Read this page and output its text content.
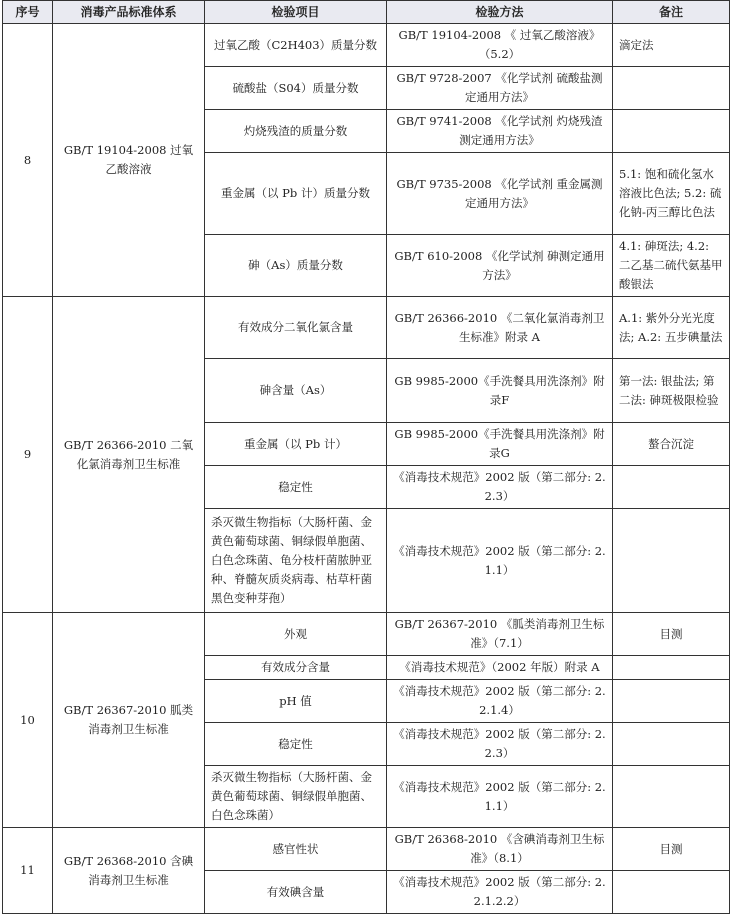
序号	消毒产品标准体系	检验项目	检验方法	备注
8	GB/T 19104-2008 过氧乙酸溶液	过氧乙酸（C2H403）质量分数	GB/T 19104-2008 《 过氧乙酸溶液》（5.2）	滴定法
		硫酸盐（S04）质量分数	GB/T 9728-2007 《化学试剂 硫酸盐测定通用方法》	
		灼烧残渣的质量分数	GB/T 9741-2008 《化学试剂 灼烧残渣测定通用方法》	
		重金属（以 Pb 计）质量分数	GB/T 9735-2008 《化学试剂 重金属测定通用方法》	5.1: 饱和硫化氢水溶液比色法; 5.2: 硫化钠-丙三醇比色法
		砷（As）质量分数	GB/T 610-2008 《化学试剂 砷测定通用方法》	4.1: 砷斑法; 4.2: 二乙基二硫代氨基甲酸银法
9	GB/T 26366-2010 二氧化氯消毒剂卫生标准	有效成分二氧化氯含量	GB/T 26366-2010 《二氧化氯消毒剂卫生标准》附录 A	A.1: 紫外分光光度法; A.2: 五步碘量法
		砷含量（As）	GB 9985-2000《手洗餐具用洗涤剂》附录F	第一法: 银盐法; 第二法: 砷斑极限检验
		重金属（以 Pb 计）	GB 9985-2000《手洗餐具用洗涤剂》附录G	螯合沉淀
		稳定性	《消毒技术规范》2002 版（第二部分: 2.2.3）	
		杀灭微生物指标（大肠杆菌、金黄色葡萄球菌、铜绿假单胞菌、白色念珠菌、龟分枝杆菌脓肿亚种、脊髓灰质炎病毒、枯草杆菌黑色变种芽孢）	《消毒技术规范》2002 版（第二部分: 2.1.1）	
10	GB/T 26367-2010 胍类消毒剂卫生标准	外观	GB/T 26367-2010 《胍类消毒剂卫生标准》（7.1）	目测
		有效成分含量	《消毒技术规范》（2002 年版）附录 A	
		pH 值	《消毒技术规范》2002 版（第二部分: 2.2.1.4）	
		稳定性	《消毒技术规范》2002 版（第二部分: 2.2.3）	
		杀灭微生物指标（大肠杆菌、金黄色葡萄球菌、铜绿假单胞菌、白色念珠菌）	《消毒技术规范》2002 版（第二部分: 2.1.1）	
11	GB/T 26368-2010 含碘消毒剂卫生标准	感官性状	GB/T 26368-2010 《含碘消毒剂卫生标准》（8.1）	目测
		有效碘含量	《消毒技术规范》2002 版（第二部分: 2.2.1.2.2）	
